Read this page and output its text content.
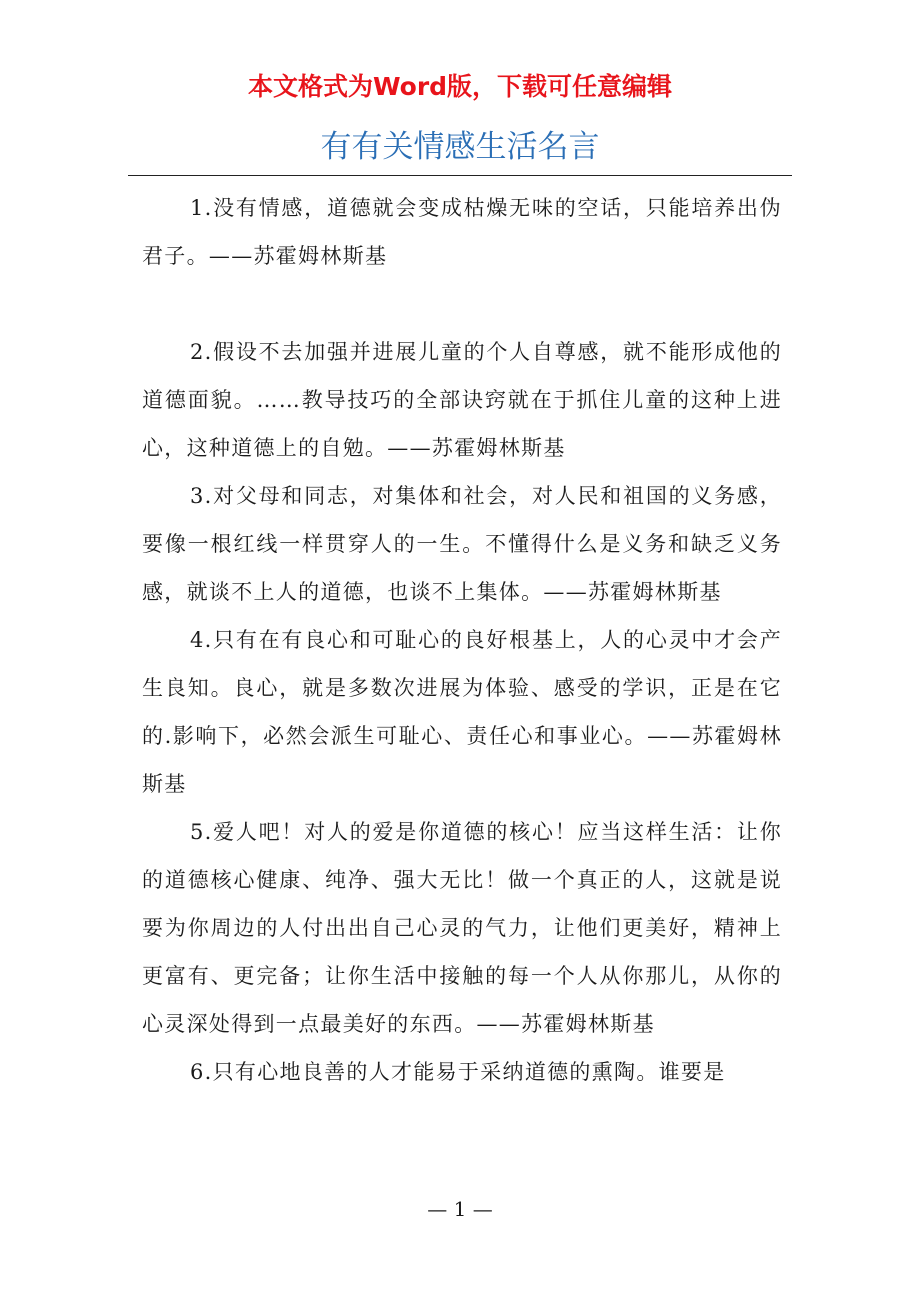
本文格式为Word版，下载可任意编辑

有有关情感生活名言

1.没有情感，道德就会变成枯燥无味的空话，只能培养出伪君子。——苏霍姆林斯基

2.假设不去加强并进展儿童的个人自尊感，就不能形成他的道德面貌。……教导技巧的全部诀窍就在于抓住儿童的这种上进心，这种道德上的自勉。——苏霍姆林斯基

3.对父母和同志，对集体和社会，对人民和祖国的义务感，要像一根红线一样贯穿人的一生。不懂得什么是义务和缺乏义务感，就谈不上人的道德，也谈不上集体。——苏霍姆林斯基

4.只有在有良心和可耻心的良好根基上，人的心灵中才会产生良知。良心，就是多数次进展为体验、感受的学识，正是在它的.影响下，必然会派生可耻心、责任心和事业心。——苏霍姆林斯基

5.爱人吧！对人的爱是你道德的核心！应当这样生活：让你的道德核心健康、纯净、强大无比！做一个真正的人，这就是说要为你周边的人付出出自己心灵的气力，让他们更美好，精神上更富有、更完备；让你生活中接触的每一个人从你那儿，从你的心灵深处得到一点最美好的东西。——苏霍姆林斯基

6.只有心地良善的人才能易于采纳道德的熏陶。谁要是

— 1 —
